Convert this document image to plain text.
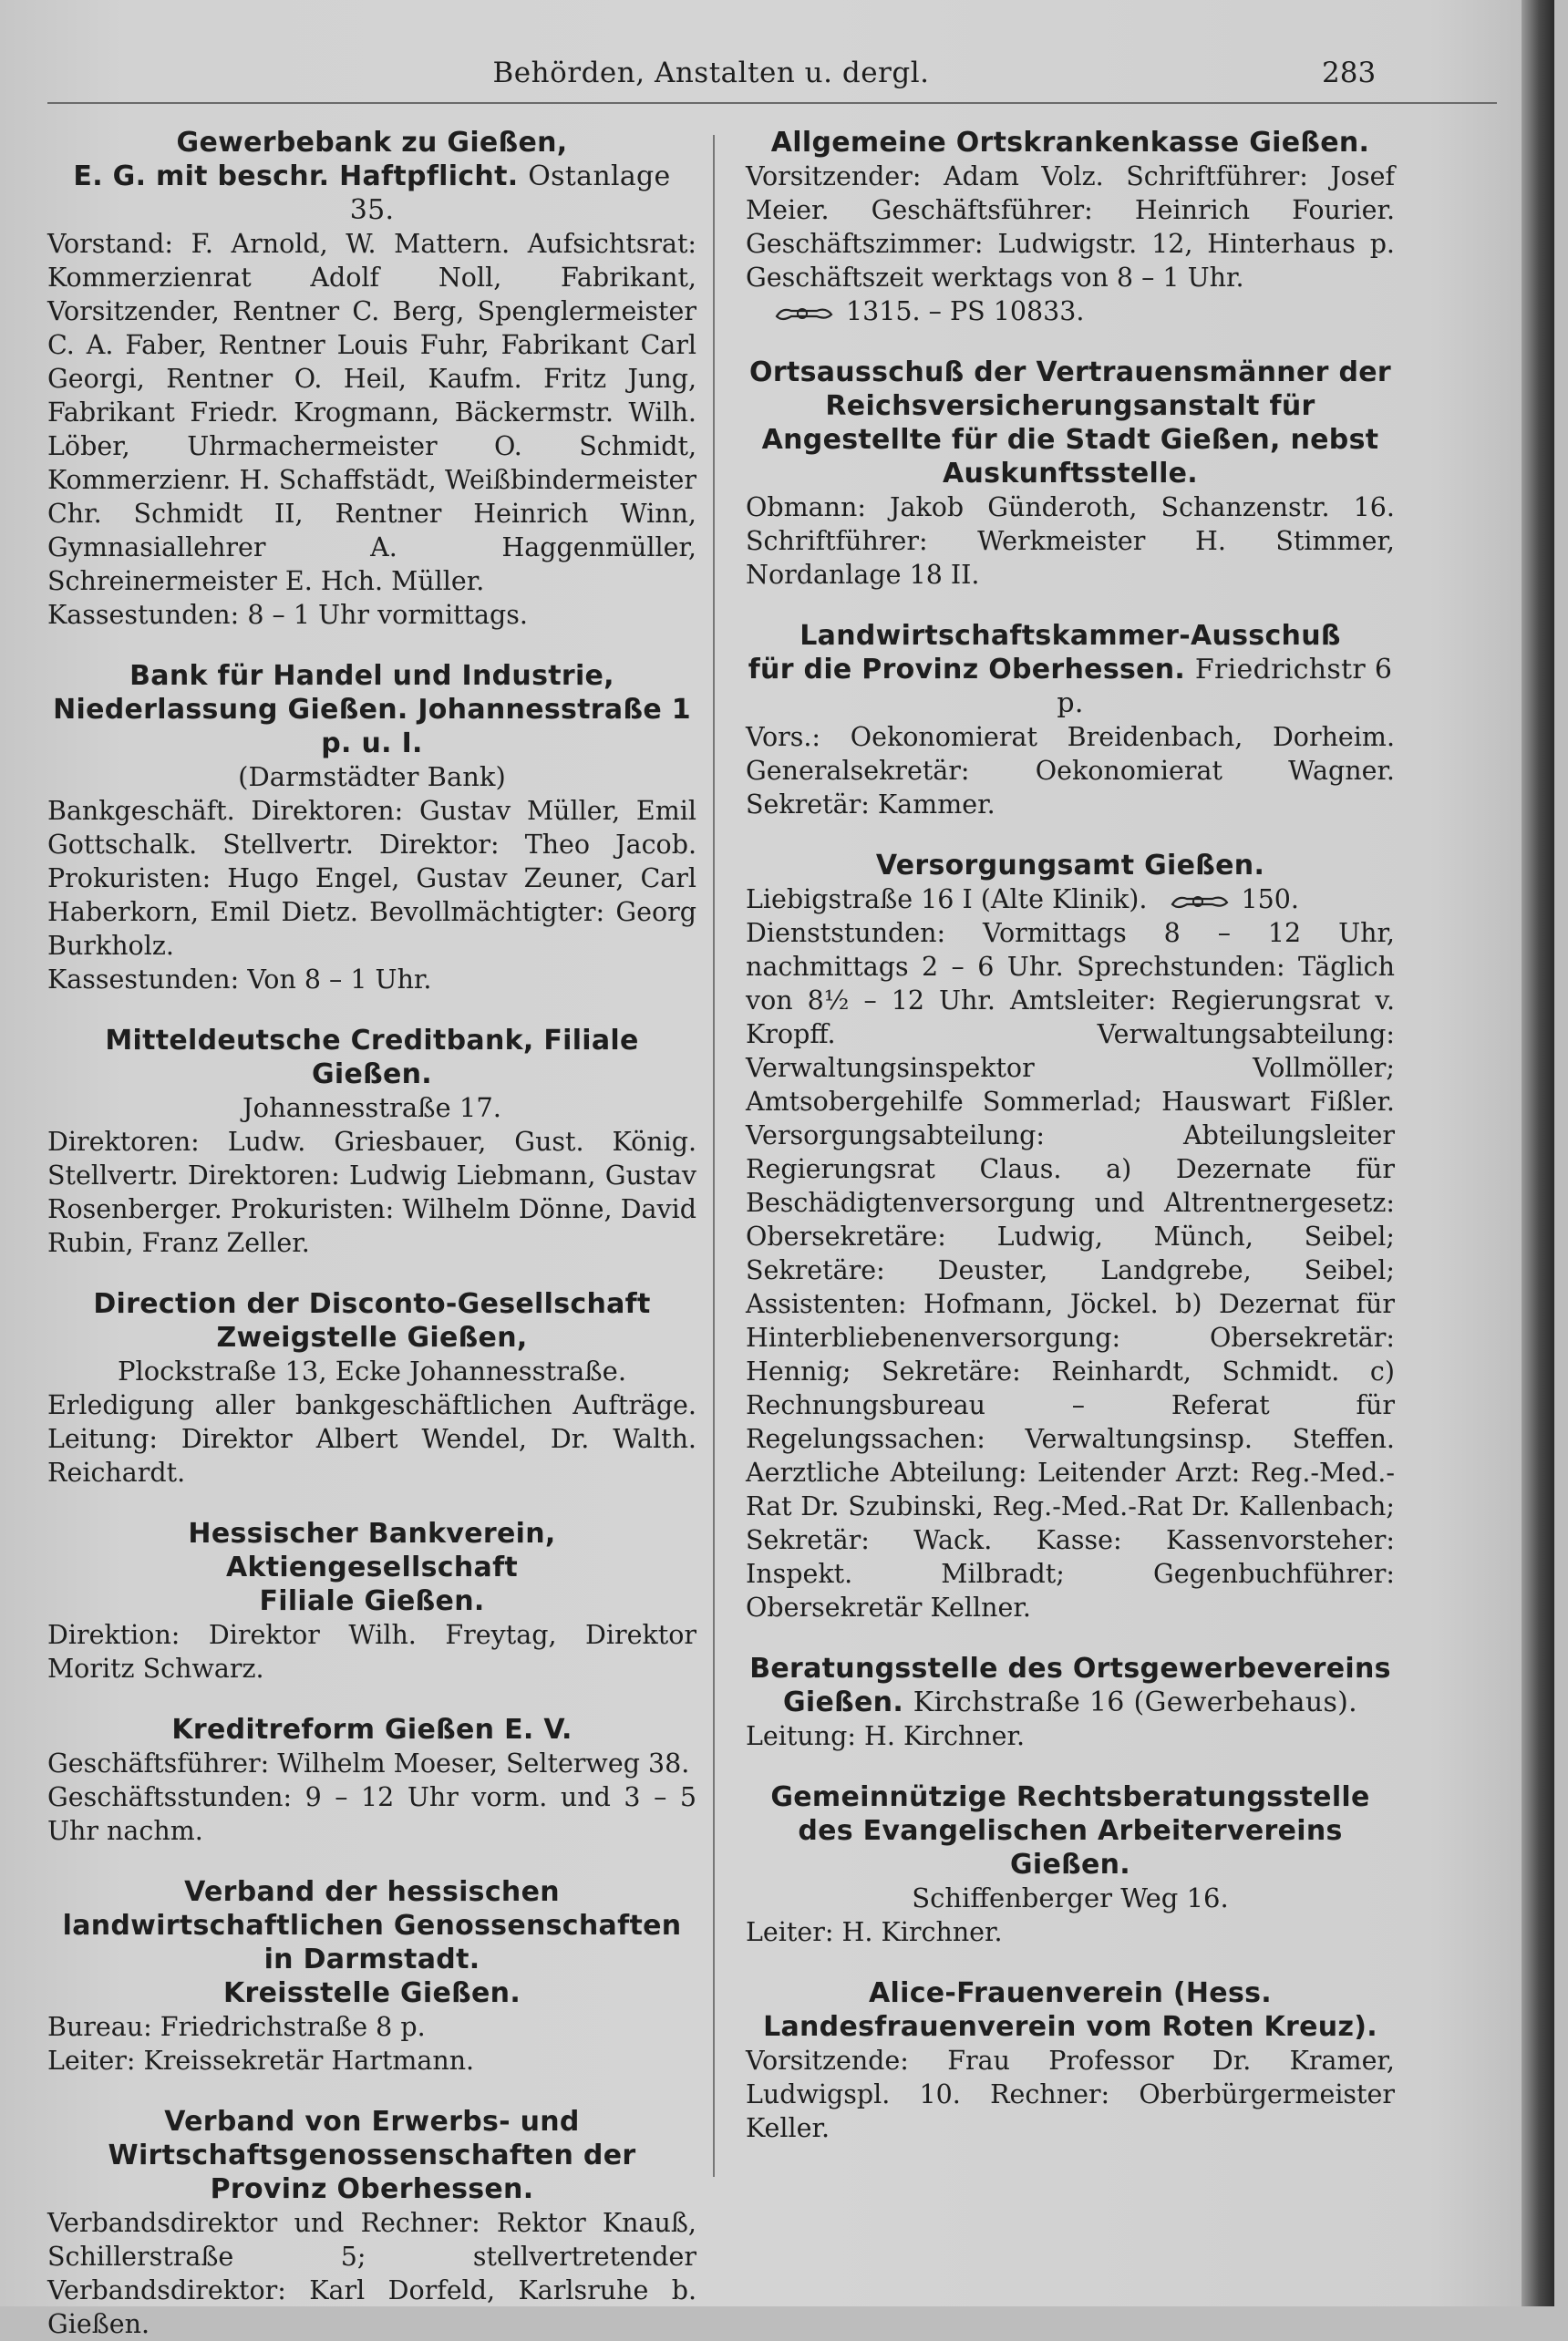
Behörden, Anstalten u. dergl.	283
Gewerbebank zu Gießen,
E. G. mit beschr. Haftpflicht. Ostanlage 35.

Vorstand: F. Arnold, W. Mattern. Aufsichtsrat: Kommerzienrat Adolf Noll, Fabrikant, Vorsitzender, Rentner C. Berg, Spenglermeister C. A. Faber, Rentner Louis Fuhr, Fabrikant Carl Georgi, Rentner O. Heil, Kaufm. Fritz Jung, Fabrikant Friedr. Krogmann, Bäckermstr. Wilh. Löber, Uhrmachermeister O. Schmidt, Kommerzienr. H. Schaffstädt, Weißbindermeister Chr. Schmidt II, Rentner Heinrich Winn, Gymnasiallehrer A. Haggenmüller, Schreinermeister E. Hch. Müller.

Kassestunden: 8 – 1 Uhr vormittags.

Bank für Handel und Industrie, Niederlassung Gießen. Johannesstraße 1 p. u. I.
(Darmstädter Bank)

Bankgeschäft. Direktoren: Gustav Müller, Emil Gottschalk. Stellvertr. Direktor: Theo Jacob. Prokuristen: Hugo Engel, Gustav Zeuner, Carl Haberkorn, Emil Dietz. Bevollmächtigter: Georg Burkholz.

Kassestunden: Von 8 – 1 Uhr.

Mitteldeutsche Creditbank, Filiale Gießen.
Johannesstraße 17.

Direktoren: Ludw. Griesbauer, Gust. König. Stellvertr. Direktoren: Ludwig Liebmann, Gustav Rosenberger. Prokuristen: Wilhelm Dönne, David Rubin, Franz Zeller.

Direction der Disconto-Gesellschaft
Zweigstelle Gießen,
Plockstraße 13, Ecke Johannesstraße.

Erledigung aller bankgeschäftlichen Aufträge. Leitung: Direktor Albert Wendel, Dr. Walth. Reichardt.

Hessischer Bankverein, Aktiengesellschaft
Filiale Gießen.

Direktion: Direktor Wilh. Freytag, Direktor Moritz Schwarz.

Kreditreform Gießen E. V.

Geschäftsführer: Wilhelm Moeser, Selterweg 38.

Geschäftsstunden: 9 – 12 Uhr vorm. und 3 – 5 Uhr nachm.

Verband der hessischen landwirtschaftlichen Genossenschaften in Darmstadt.
Kreisstelle Gießen.

Bureau: Friedrichstraße 8 p.

Leiter: Kreissekretär Hartmann.

Verband von Erwerbs- und Wirtschaftsgenossenschaften der Provinz Oberhessen.

Verbandsdirektor und Rechner: Rektor Knauß, Schillerstraße 5; stellvertretender Verbandsdirektor: Karl Dorfeld, Karlsruhe b. Gießen.

Allgemeine Ortskrankenkasse Gießen.

Vorsitzender: Adam Volz. Schriftführer: Josef Meier. Geschäftsführer: Heinrich Fourier. Geschäftszimmer: Ludwigstr. 12, Hinterhaus p. Geschäftszeit werktags von 8 – 1 Uhr.

1315. – PS 10833.

Ortsausschuß der Vertrauensmänner der Reichsversicherungsanstalt für Angestellte für die Stadt Gießen, nebst Auskunftsstelle.

Obmann: Jakob Günderoth, Schanzenstr. 16. Schriftführer: Werkmeister H. Stimmer, Nordanlage 18 II.

Landwirtschaftskammer-Ausschuß
für die Provinz Oberhessen. Friedrichstr 6 p.

Vors.: Oekonomierat Breidenbach, Dorheim. Generalsekretär: Oekonomierat Wagner. Sekretär: Kammer.

Versorgungsamt Gießen.

Liebigstraße 16 I (Alte Klinik).	150.

Dienststunden: Vormittags 8 – 12 Uhr, nachmittags 2 – 6 Uhr. Sprechstunden: Täglich von 8½ – 12 Uhr. Amtsleiter: Regierungsrat v. Kropff. Verwaltungsabteilung: Verwaltungsinspektor Vollmöller; Amtsobergehilfe Sommerlad; Hauswart Fißler. Versorgungsabteilung: Abteilungsleiter Regierungsrat Claus. a) Dezernate für Beschädigtenversorgung und Altrentnergesetz: Obersekretäre: Ludwig, Münch, Seibel; Sekretäre: Deuster, Landgrebe, Seibel; Assistenten: Hofmann, Jöckel. b) Dezernat für Hinterbliebenenversorgung: Obersekretär: Hennig; Sekretäre: Reinhardt, Schmidt. c) Rechnungsbureau – Referat für Regelungssachen: Verwaltungsinsp. Steffen. Aerztliche Abteilung: Leitender Arzt: Reg.-Med.-Rat Dr. Szubinski, Reg.-Med.-Rat Dr. Kallenbach; Sekretär: Wack. Kasse: Kassenvorsteher: Inspekt. Milbradt; Gegenbuchführer: Obersekretär Kellner.

Beratungsstelle des Ortsgewerbevereins
Gießen. Kirchstraße 16 (Gewerbehaus).

Leitung: H. Kirchner.

Gemeinnützige Rechtsberatungsstelle des Evangelischen Arbeitervereins Gießen.
Schiffenberger Weg 16.

Leiter: H. Kirchner.

Alice-Frauenverein (Hess. Landesfrauenverein vom Roten Kreuz).

Vorsitzende: Frau Professor Dr. Kramer, Ludwigspl. 10. Rechner: Oberbürgermeister Keller.
